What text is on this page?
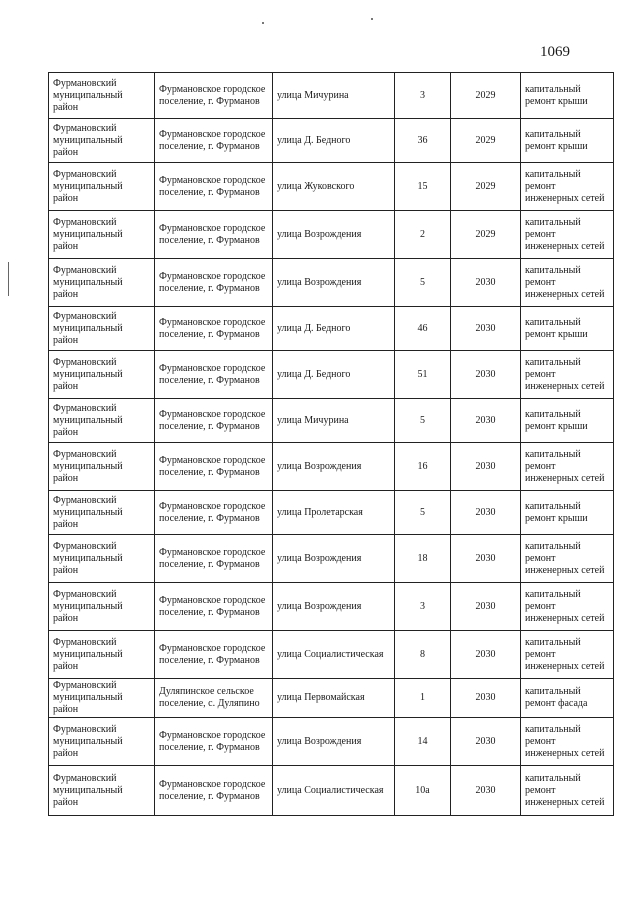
1069
Фурмановский муниципальный район	Фурмановское городское поселение, г. Фурманов	улица Мичурина	3	2029	капитальный ремонт крыши
Фурмановский муниципальный район	Фурмановское городское поселение, г. Фурманов	улица Д. Бедного	36	2029	капитальный ремонт крыши
Фурмановский муниципальный район	Фурмановское городское поселение, г. Фурманов	улица Жуковского	15	2029	капитальный ремонт инженерных сетей
Фурмановский муниципальный район	Фурмановское городское поселение, г. Фурманов	улица Возрождения	2	2029	капитальный ремонт инженерных сетей
Фурмановский муниципальный район	Фурмановское городское поселение, г. Фурманов	улица Возрождения	5	2030	капитальный ремонт инженерных сетей
Фурмановский муниципальный район	Фурмановское городское поселение, г. Фурманов	улица Д. Бедного	46	2030	капитальный ремонт крыши
Фурмановский муниципальный район	Фурмановское городское поселение, г. Фурманов	улица Д. Бедного	51	2030	капитальный ремонт инженерных сетей
Фурмановский муниципальный район	Фурмановское городское поселение, г. Фурманов	улица Мичурина	5	2030	капитальный ремонт крыши
Фурмановский муниципальный район	Фурмановское городское поселение, г. Фурманов	улица Возрождения	16	2030	капитальный ремонт инженерных сетей
Фурмановский муниципальный район	Фурмановское городское поселение, г. Фурманов	улица Пролетарская	5	2030	капитальный ремонт крыши
Фурмановский муниципальный район	Фурмановское городское поселение, г. Фурманов	улица Возрождения	18	2030	капитальный ремонт инженерных сетей
Фурмановский муниципальный район	Фурмановское городское поселение, г. Фурманов	улица Возрождения	3	2030	капитальный ремонт инженерных сетей
Фурмановский муниципальный район	Фурмановское городское поселение, г. Фурманов	улица Социалистическая	8	2030	капитальный ремонт инженерных сетей
Фурмановский муниципальный район	Дуляпинское сельское поселение, с. Дуляпино	улица Первомайская	1	2030	капитальный ремонт фасада
Фурмановский муниципальный район	Фурмановское городское поселение, г. Фурманов	улица Возрождения	14	2030	капитальный ремонт инженерных сетей
Фурмановский муниципальный район	Фурмановское городское поселение, г. Фурманов	улица Социалистическая	10а	2030	капитальный ремонт инженерных сетей
